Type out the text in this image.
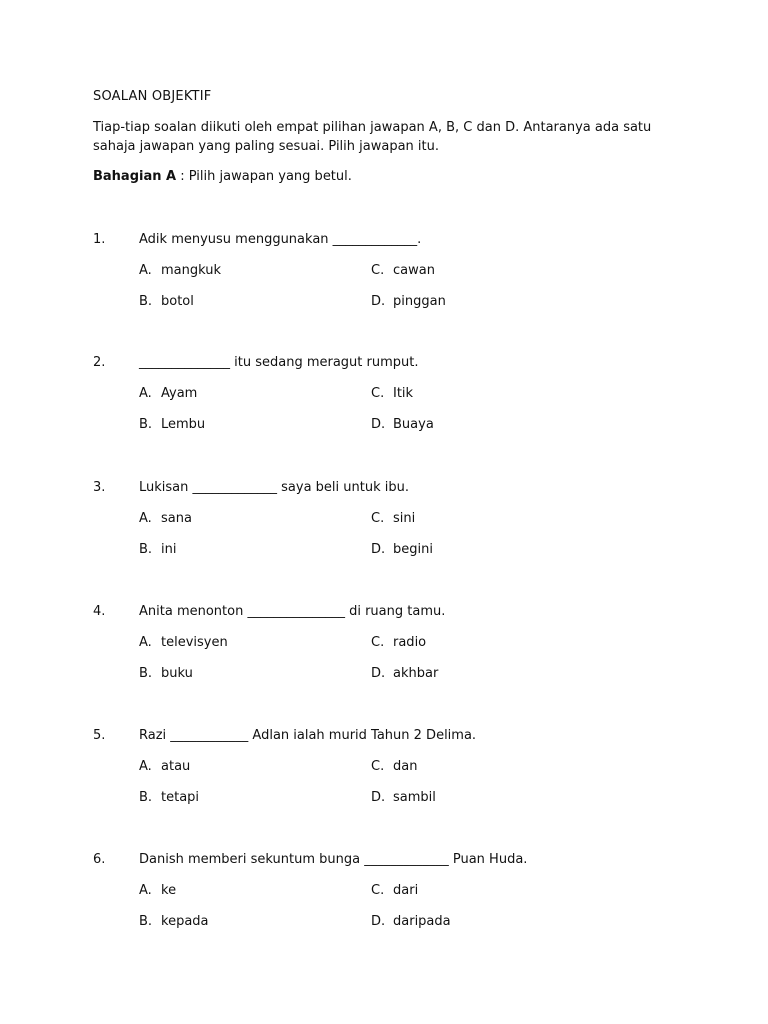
SOALAN OBJEKTIF
Tiap-tiap soalan diikuti oleh empat pilihan jawapan A, B, C dan D. Antaranya ada satu sahaja jawapan yang paling sesuai. Pilih jawapan itu.
Bahagian A : Pilih jawapan yang betul.
1.	Adik menyusu menggunakan _____________.
A. mangkuk	C. cawan
B. botol	D. pinggan
2.	______________ itu sedang meragut rumput.
A. Ayam	C. Itik
B. Lembu	D. Buaya
3.	Lukisan _____________ saya beli untuk ibu.
A. sana	C. sini
B. ini	D. begini
4.	Anita menonton _______________ di ruang tamu.
A. televisyen	C. radio
B. buku	D. akhbar
5.	Razi ____________ Adlan ialah murid Tahun 2 Delima.
A. atau	C. dan
B. tetapi	D. sambil
6.	Danish memberi sekuntum bunga _____________ Puan Huda.
A. ke	C. dari
B. kepada	D. daripada
